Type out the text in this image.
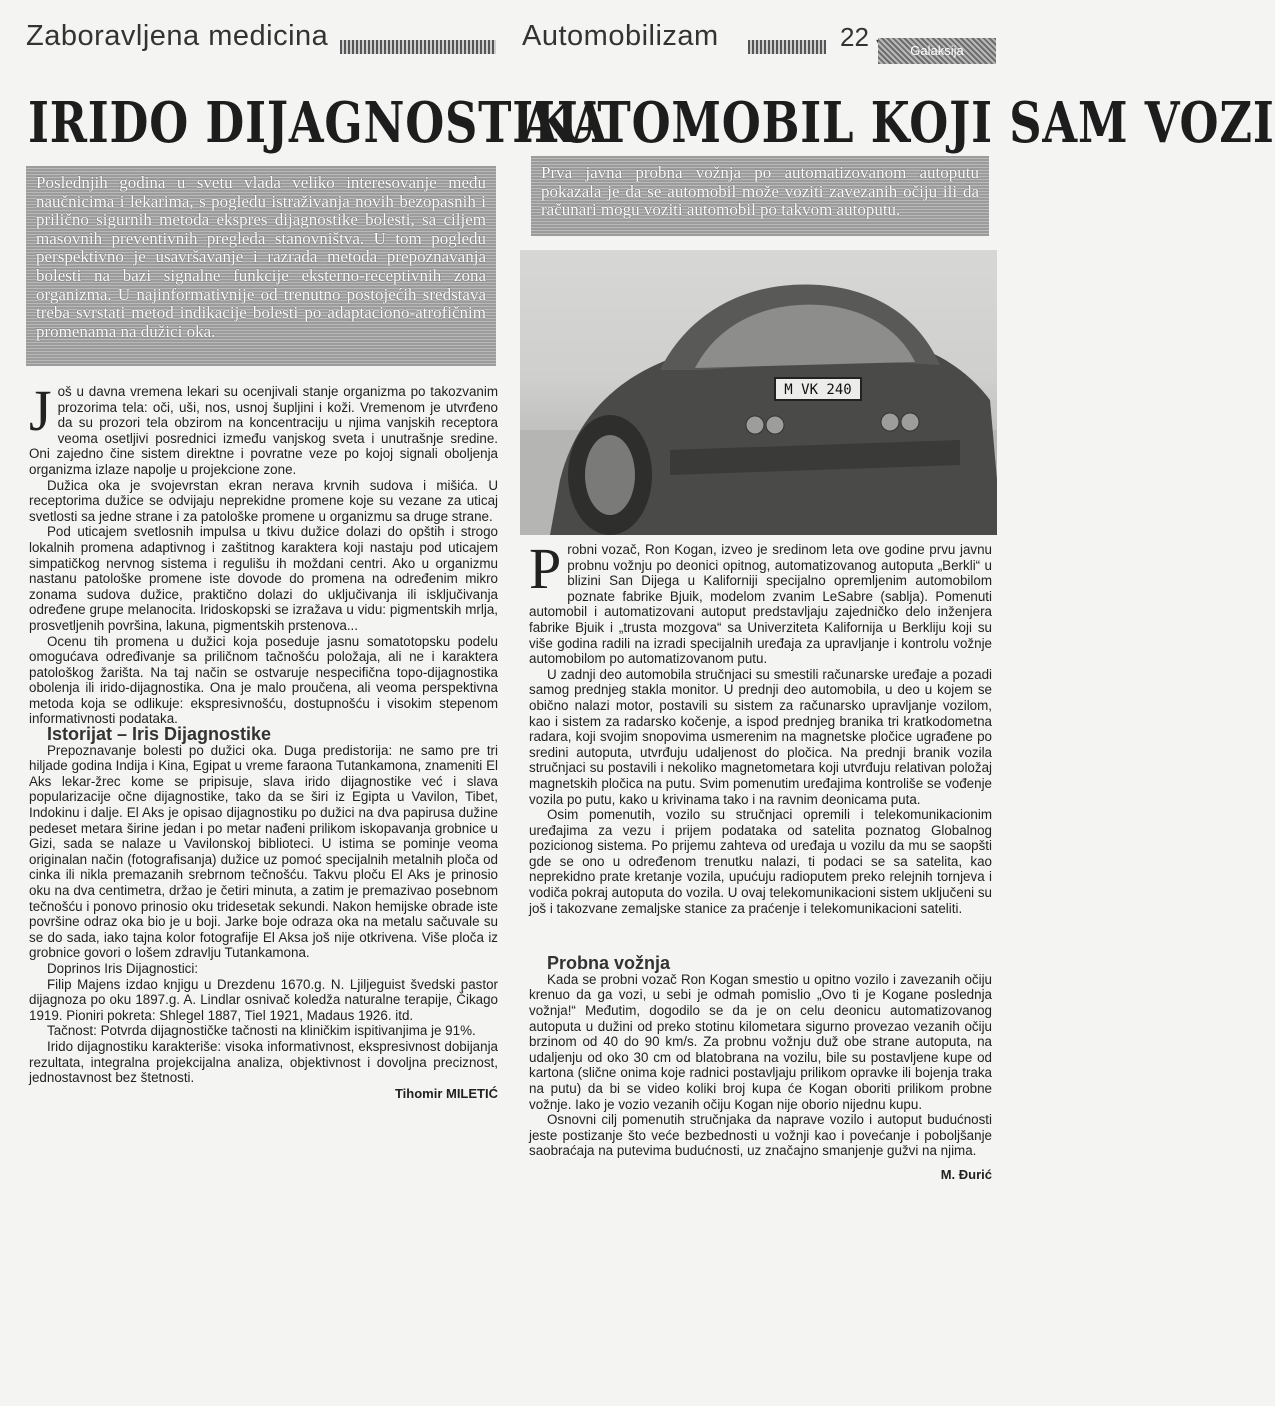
Zaboravljena medicina	Automobilizam	22	Galaksija
IRIDO DIJAGNOSTIKA
AUTOMOBIL KOJI SAM VOZI
Poslednjih godina u svetu vlada veliko interesovanje među naučnicima i lekarima, s pogledu istraživanja novih bezopasnih i prilično sigurnih metoda ekspres dijagnostike bolesti, sa ciljem masovnih preventivnih pregleda stanovništva. U tom pogledu perspektivno je usavršavanje i razrada metoda prepoznavanja bolesti na bazi signalne funkcije eksterno-receptivnih zona organizma. U najinformativnije od trenutno postojećih sredstava treba svrstati metod indikacije bolesti po adaptaciono-atrofičnim promenama na dužici oka.
Prva javna probna vožnja po automatizovanom autoputu pokazala je da se automobil može voziti zavezanih očiju ili da računari mogu voziti automobil po takvom autoputu.
M VK 240
J oš u davna vremena lekari su ocenjivali stanje organizma po takozvanim prozorima tela: oči, uši, nos, usnoj šupljini i koži. Vremenom je utvrđeno da su prozori tela obzirom na koncentraciju u njima vanjskih receptora veoma osetljivi posrednici između vanjskog sveta i unutrašnje sredine. Oni zajedno čine sistem direktne i povratne veze po kojoj signali oboljenja organizma izlaze napolje u projekcione zone.

Dužica oka je svojevrstan ekran nerava krvnih sudova i mišića. U receptorima dužice se odvijaju neprekidne promene koje su vezane za uticaj svetlosti sa jedne strane i za patološke promene u organizmu sa druge strane.

Pod uticajem svetlosnih impulsa u tkivu dužice dolazi do opštih i strogo lokalnih promena adaptivnog i zaštitnog karaktera koji nastaju pod uticajem simpatičkog nervnog sistema i regulišu ih moždani centri. Ako u organizmu nastanu patološke promene iste dovode do promena na određenim mikro zonama sudova dužice, praktično dolazi do uključivanja ili isključivanja određene grupe melanocita. Iridoskopski se izražava u vidu: pigmentskih mrlja, prosvetljenih površina, lakuna, pigmentskih prstenova...

Ocenu tih promena u dužici koja poseduje jasnu somatotopsku podelu omogućava određivanje sa priličnom tačnošću položaja, ali ne i karaktera patološkog žarišta. Na taj način se ostvaruje nespecifična topo-dijagnostika obolenja ili irido-dijagnostika. Ona je malo proučena, ali veoma perspektivna metoda koja se odlikuje: ekspresivnošću, dostupnošću i visokim stepenom informativnosti podataka.

Istorijat – Iris Dijagnostike

Prepoznavanje bolesti po dužici oka. Duga predistorija: ne samo pre tri hiljade godina Indija i Kina, Egipat u vreme faraona Tutankamona, znameniti El Aks lekar-žrec kome se pripisuje, slava irido dijagnostike već i slava popularizacije očne dijagnostike, tako da se širi iz Egipta u Vavilon, Tibet, Indokinu i dalje. El Aks je opisao dijagnostiku po dužici na dva papirusa dužine pedeset metara širine jedan i po metar nađeni prilikom iskopavanja grobnice u Gizi, sada se nalaze u Vavilonskoj biblioteci. U istima se pominje veoma originalan način (fotografisanja) dužice uz pomoć specijalnih metalnih ploča od cinka ili nikla premazanih srebrnom tečnošću. Takvu ploču El Aks je prinosio oku na dva centimetra, držao je četiri minuta, a zatim je premazivao posebnom tečnošću i ponovo prinosio oku tridesetak sekundi. Nakon hemijske obrade iste površine odraz oka bio je u boji. Jarke boje odraza oka na metalu sačuvale su se do sada, iako tajna kolor fotografije El Aksa još nije otkrivena. Više ploča iz grobnice govori o lošem zdravlju Tutankamona.

Doprinos Iris Dijagnostici:

Filip Majens izdao knjigu u Drezdenu 1670.g. N. Ljiljeguist švedski pastor dijagnoza po oku 1897.g. A. Lindlar osnivač koledža naturalne terapije, Čikago 1919. Pioniri pokreta: Shlegel 1887, Tiel 1921, Madaus 1926. itd.

Tačnost: Potvrda dijagnostičke tačnosti na kliničkim ispitivanjima je 91%.

Irido dijagnostiku karakteriše: visoka informativnost, ekspresivnost dobijanja rezultata, integralna projekcijalna analiza, objektivnost i dovoljna preciznost, jednostavnost bez štetnosti.

Tihomir MILETIĆ

P robni vozač, Ron Kogan, izveo je sredinom leta ove godine prvu javnu probnu vožnju po deonici opitnog, automatizovanog autoputa „Berkli“ u blizini San Dijega u Kaliforniji specijalno opremljenim automobilom poznate fabrike Bjuik, modelom zvanim LeSabre (sablja). Pomenuti automobil i automatizovani autoput predstavljaju zajedničko delo inženjera fabrike Bjuik i „trusta mozgova“ sa Univerziteta Kalifornija u Berkliju koji su više godina radili na izradi specijalnih uređaja za upravljanje i kontrolu vožnje automobilom po automatizovanom putu.

U zadnji deo automobila stručnjaci su smestili računarske uređaje a pozadi samog prednjeg stakla monitor. U prednji deo automobila, u deo u kojem se obično nalazi motor, postavili su sistem za računarsko upravljanje vozilom, kao i sistem za radarsko kočenje, a ispod prednjeg branika tri kratkodometna radara, koji svojim snopovima usmerenim na magnetske pločice ugrađene po sredini autoputa, utvrđuju udaljenost do pločica. Na prednji branik vozila stručnjaci su postavili i nekoliko magnetometara koji utvrđuju relativan položaj magnetskih pločica na putu. Svim pomenutim uređajima kontroliše se vođenje vozila po putu, kako u krivinama tako i na ravnim deonicama puta.

Osim pomenutih, vozilo su stručnjaci opremili i telekomunikacionim uređajima za vezu i prijem podataka od satelita poznatog Globalnog pozicionog sistema. Po prijemu zahteva od uređaja u vozilu da mu se saopšti gde se ono u određenom trenutku nalazi, ti podaci se sa satelita, kao neprekidno prate kretanje vozila, upućuju radioputem preko relejnih tornjeva i vodiča pokraj autoputa do vozila. U ovaj telekomunikacioni sistem uključeni su još i takozvane zemaljske stanice za praćenje i telekomunikacioni sateliti.

Probna vožnja

Kada se probni vozač Ron Kogan smestio u opitno vozilo i zavezanih očiju krenuo da ga vozi, u sebi je odmah pomislio „Ovo ti je Kogane poslednja vožnja!“ Međutim, dogodilo se da je on celu deonicu automatizovanog autoputa u dužini od preko stotinu kilometara sigurno provezao vezanih očiju brzinom od 40 do 90 km/s. Za probnu vožnju duž obe strane autoputa, na udaljenju od oko 30 cm od blatobrana na vozilu, bile su postavljene kupe od kartona (slične onima koje radnici postavljaju prilikom opravke ili bojenja traka na putu) da bi se video koliki broj kupa će Kogan oboriti prilikom probne vožnje. Iako je vozio vezanih očiju Kogan nije oborio nijednu kupu.

Osnovni cilj pomenutih stručnjaka da naprave vozilo i autoput budućnosti jeste postizanje što veće bezbednosti u vožnji kao i povećanje i poboljšanje saobraćaja na putevima budućnosti, uz značajno smanjenje gužvi na njima.

M. Đurić
